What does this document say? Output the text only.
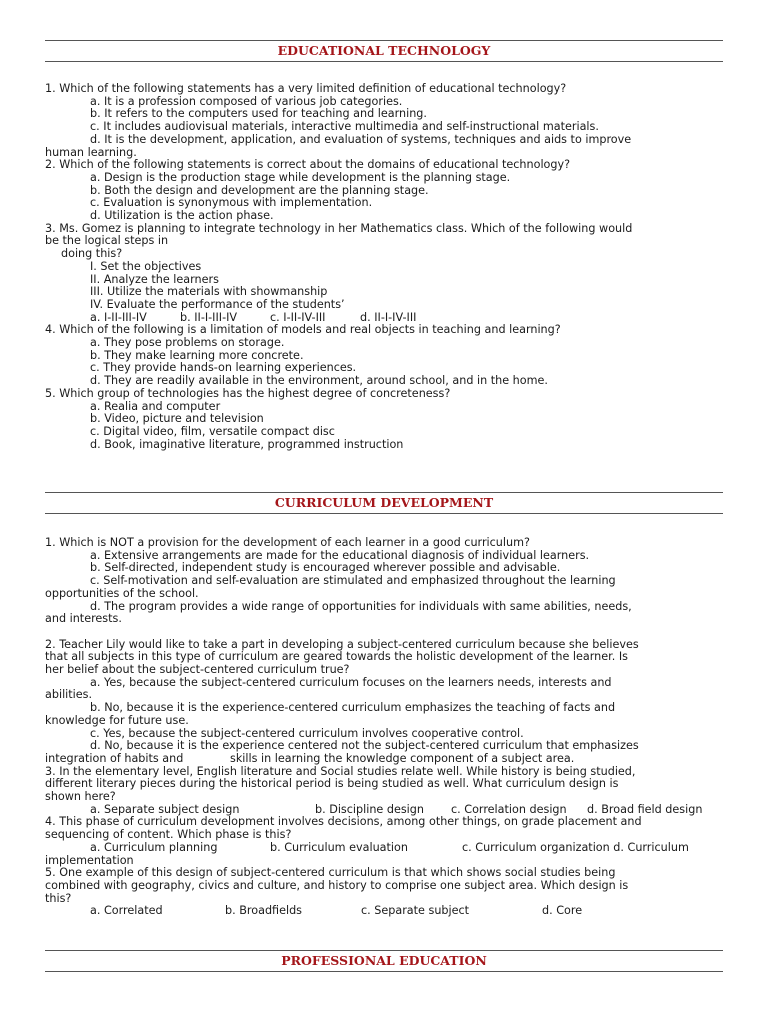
EDUCATIONAL TECHNOLOGY
1. Which of the following statements has a very limited definition of educational technology?
a. It is a profession composed of various job categories.
b. It refers to the computers used for teaching and learning.
c. It includes audiovisual materials, interactive multimedia and self-instructional materials.
d. It is the development, application, and evaluation of systems, techniques and aids to improve
human learning.
2. Which of the following statements is correct about the domains of educational technology?
a. Design is the production stage while development is the planning stage.
b. Both the design and development are the planning stage.
c. Evaluation is synonymous with implementation.
d. Utilization is the action phase.
3. Ms. Gomez is planning to integrate technology in her Mathematics class. Which of the following would
be the logical steps in
doing this?
I. Set the objectives
II. Analyze the learners
III. Utilize the materials with showmanship
IV. Evaluate the performance of the students’
a. I-II-III-IV	b. II-I-III-IV	c. I-II-IV-III	d. II-I-IV-III
4. Which of the following is a limitation of models and real objects in teaching and learning?
a. They pose problems on storage.
b. They make learning more concrete.
c. They provide hands-on learning experiences.
d. They are readily available in the environment, around school, and in the home.
5. Which group of technologies has the highest degree of concreteness?
a. Realia and computer
b. Video, picture and television
c. Digital video, film, versatile compact disc
d. Book, imaginative literature, programmed instruction
CURRICULUM DEVELOPMENT
1. Which is NOT a provision for the development of each learner in a good curriculum?
a. Extensive arrangements are made for the educational diagnosis of individual learners.
b. Self-directed, independent study is encouraged wherever possible and advisable.
c. Self-motivation and self-evaluation are stimulated and emphasized throughout the learning
opportunities of the school.
d. The program provides a wide range of opportunities for individuals with same abilities, needs,
and interests.
2. Teacher Lily would like to take a part in developing a subject-centered curriculum because she believes
that all subjects in this type of curriculum are geared towards the holistic development of the learner. Is
her belief about the subject-centered curriculum true?
a. Yes, because the subject-centered curriculum focuses on the learners needs, interests and
abilities.
b. No, because it is the experience-centered curriculum emphasizes the teaching of facts and
knowledge for future use.
c. Yes, because the subject-centered curriculum involves cooperative control.
d. No, because it is the experience centered not the subject-centered curriculum that emphasizes
integration of habits and	skills in learning the knowledge component of a subject area.
3. In the elementary level, English literature and Social studies relate well. While history is being studied,
different literary pieces during the historical period is being studied as well. What curriculum design is
shown here?
a. Separate subject design	b. Discipline design c. Correlation design d. Broad field design
4. This phase of curriculum development involves decisions, among other things, on grade placement and
sequencing of content. Which phase is this?
a. Curriculum planning	b. Curriculum evaluation	c. Curriculum organization d. Curriculum
implementation
5. One example of this design of subject-centered curriculum is that which shows social studies being
combined with geography, civics and culture, and history to comprise one subject area. Which design is
this?
a. Correlated	b. Broadfields	c. Separate subject	d. Core
PROFESSIONAL EDUCATION
